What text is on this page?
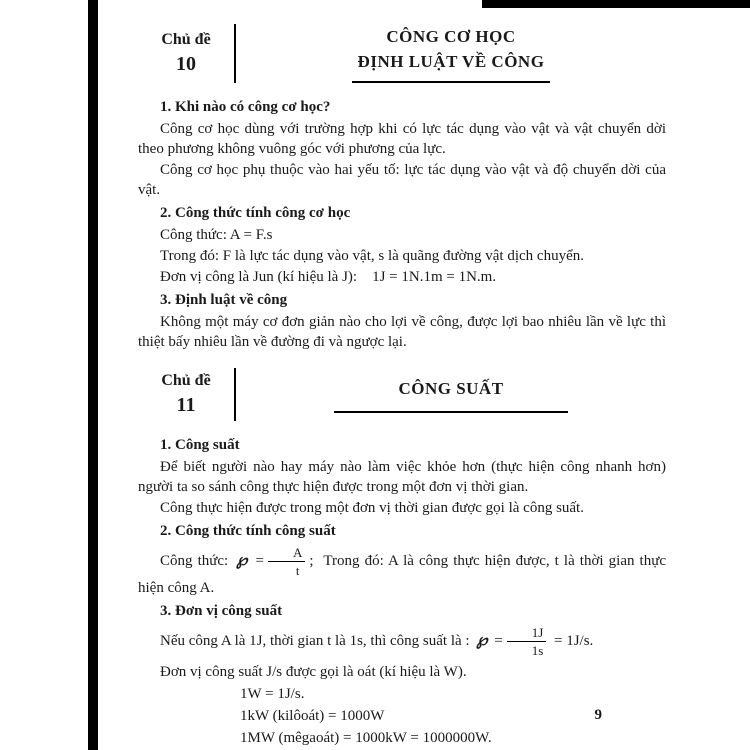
Chủ đề
10
CÔNG CƠ HỌC
ĐỊNH LUẬT VỀ CÔNG
1. Khi nào có công cơ học?

Công cơ học dùng với trường hợp khi có lực tác dụng vào vật và vật chuyển dời theo phương không vuông góc với phương của lực.

Công cơ học phụ thuộc vào hai yếu tố: lực tác dụng vào vật và độ chuyển dời của vật.

2. Công thức tính công cơ học

Công thức: A = F.s

Trong đó: F là lực tác dụng vào vật, s là quãng đường vật dịch chuyển.

Đơn vị công là Jun (kí hiệu là J):    1J = 1N.1m = 1N.m.

3. Định luật về công

Không một máy cơ đơn giản nào cho lợi về công, được lợi bao nhiêu lần về lực thì thiệt bấy nhiêu lần về đường đi và ngược lại.

Chủ đề
11
CÔNG SUẤT
1. Công suất

Để biết người nào hay máy nào làm việc khỏe hơn (thực hiện công nhanh hơn) người ta so sánh công thực hiện được trong một đơn vị thời gian.

Công thực hiện được trong một đơn vị thời gian được gọi là công suất.

2. Công thức tính công suất

Công thức: ℘ = $\frac{A}{t}$ ;  Trong đó: A là công thực hiện được, t là thời gian thực hiện công A.

3. Đơn vị công suất

Nếu công A là 1J, thời gian t là 1s, thì công suất là : ℘ = $\frac{1J}{1s} = 1J/s$.

Đơn vị công suất J/s được gọi là oát (kí hiệu là W).

1W = 1J/s.

1kW (kilôoát) = 1000W

1MW (mêgaoát) = 1000kW = 1000000W.

9
